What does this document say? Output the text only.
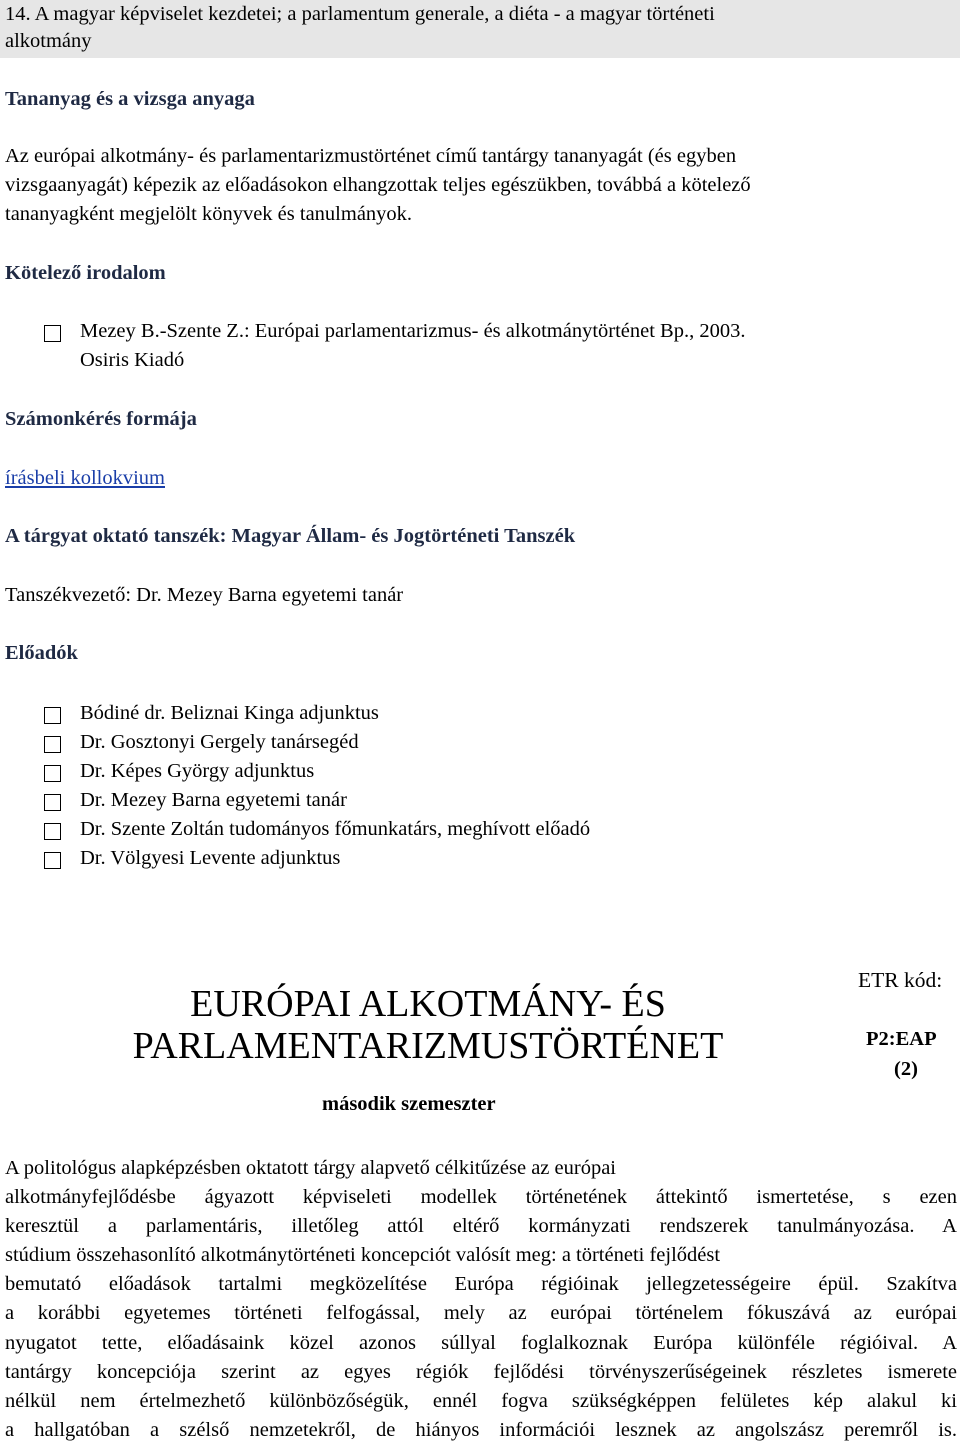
14. A magyar képviselet kezdetei; a parlamentum generale, a diéta - a magyar történeti
alkotmány
Tananyag és a vizsga anyaga
Az európai alkotmány- és parlamentarizmustörténet című tantárgy tananyagát (és egyben
vizsgaanyagát) képezik az előadásokon elhangzottak teljes egészükben, továbbá a kötelező
tananyagként megjelölt könyvek és tanulmányok.
Kötelező irodalom
Mezey B.-Szente Z.: Európai parlamentarizmus- és alkotmánytörténet Bp., 2003.
Osiris Kiadó
Számonkérés formája
írásbeli kollokvium
A tárgyat oktató tanszék: Magyar Állam- és Jogtörténeti Tanszék
Tanszékvezető: Dr. Mezey Barna egyetemi tanár
Előadók
Bódiné dr. Beliznai Kinga adjunktus
Dr. Gosztonyi Gergely tanársegéd
Dr. Képes György adjunktus
Dr. Mezey Barna egyetemi tanár
Dr. Szente Zoltán tudományos főmunkatárs, meghívott előadó
Dr. Völgyesi Levente adjunktus
EURÓPAI ALKOTMÁNY- ÉS
PARLAMENTARIZMUSTÖRTÉNET
második szemeszter
ETR kód:
P2:EAP
(2)
A politológus alapképzésben oktatott tárgy alapvető célkitűzése az európai
alkotmányfejlődésbe ágyazott képviseleti modellek történetének áttekintő ismertetése, s ezen
keresztül a parlamentáris, illetőleg attól eltérő kormányzati rendszerek tanulmányozása. A
stúdium összehasonlító alkotmánytörténeti koncepciót valósít meg: a történeti fejlődést
bemutató előadások tartalmi megközelítése Európa régióinak jellegzetességeire épül. Szakítva
a korábbi egyetemes történeti felfogással, mely az európai történelem fókuszává az európai
nyugatot tette, előadásaink közel azonos súllyal foglalkoznak Európa különféle régióival. A
tantárgy koncepciója szerint az egyes régiók fejlődési törvényszerűségeinek részletes ismerete
nélkül nem értelmezhető különbözőségük, ennél fogva szükségképpen felületes kép alakul ki
a hallgatóban a szélső nemzetekről, de hiányos információi lesznek az angolszász peremről is.
